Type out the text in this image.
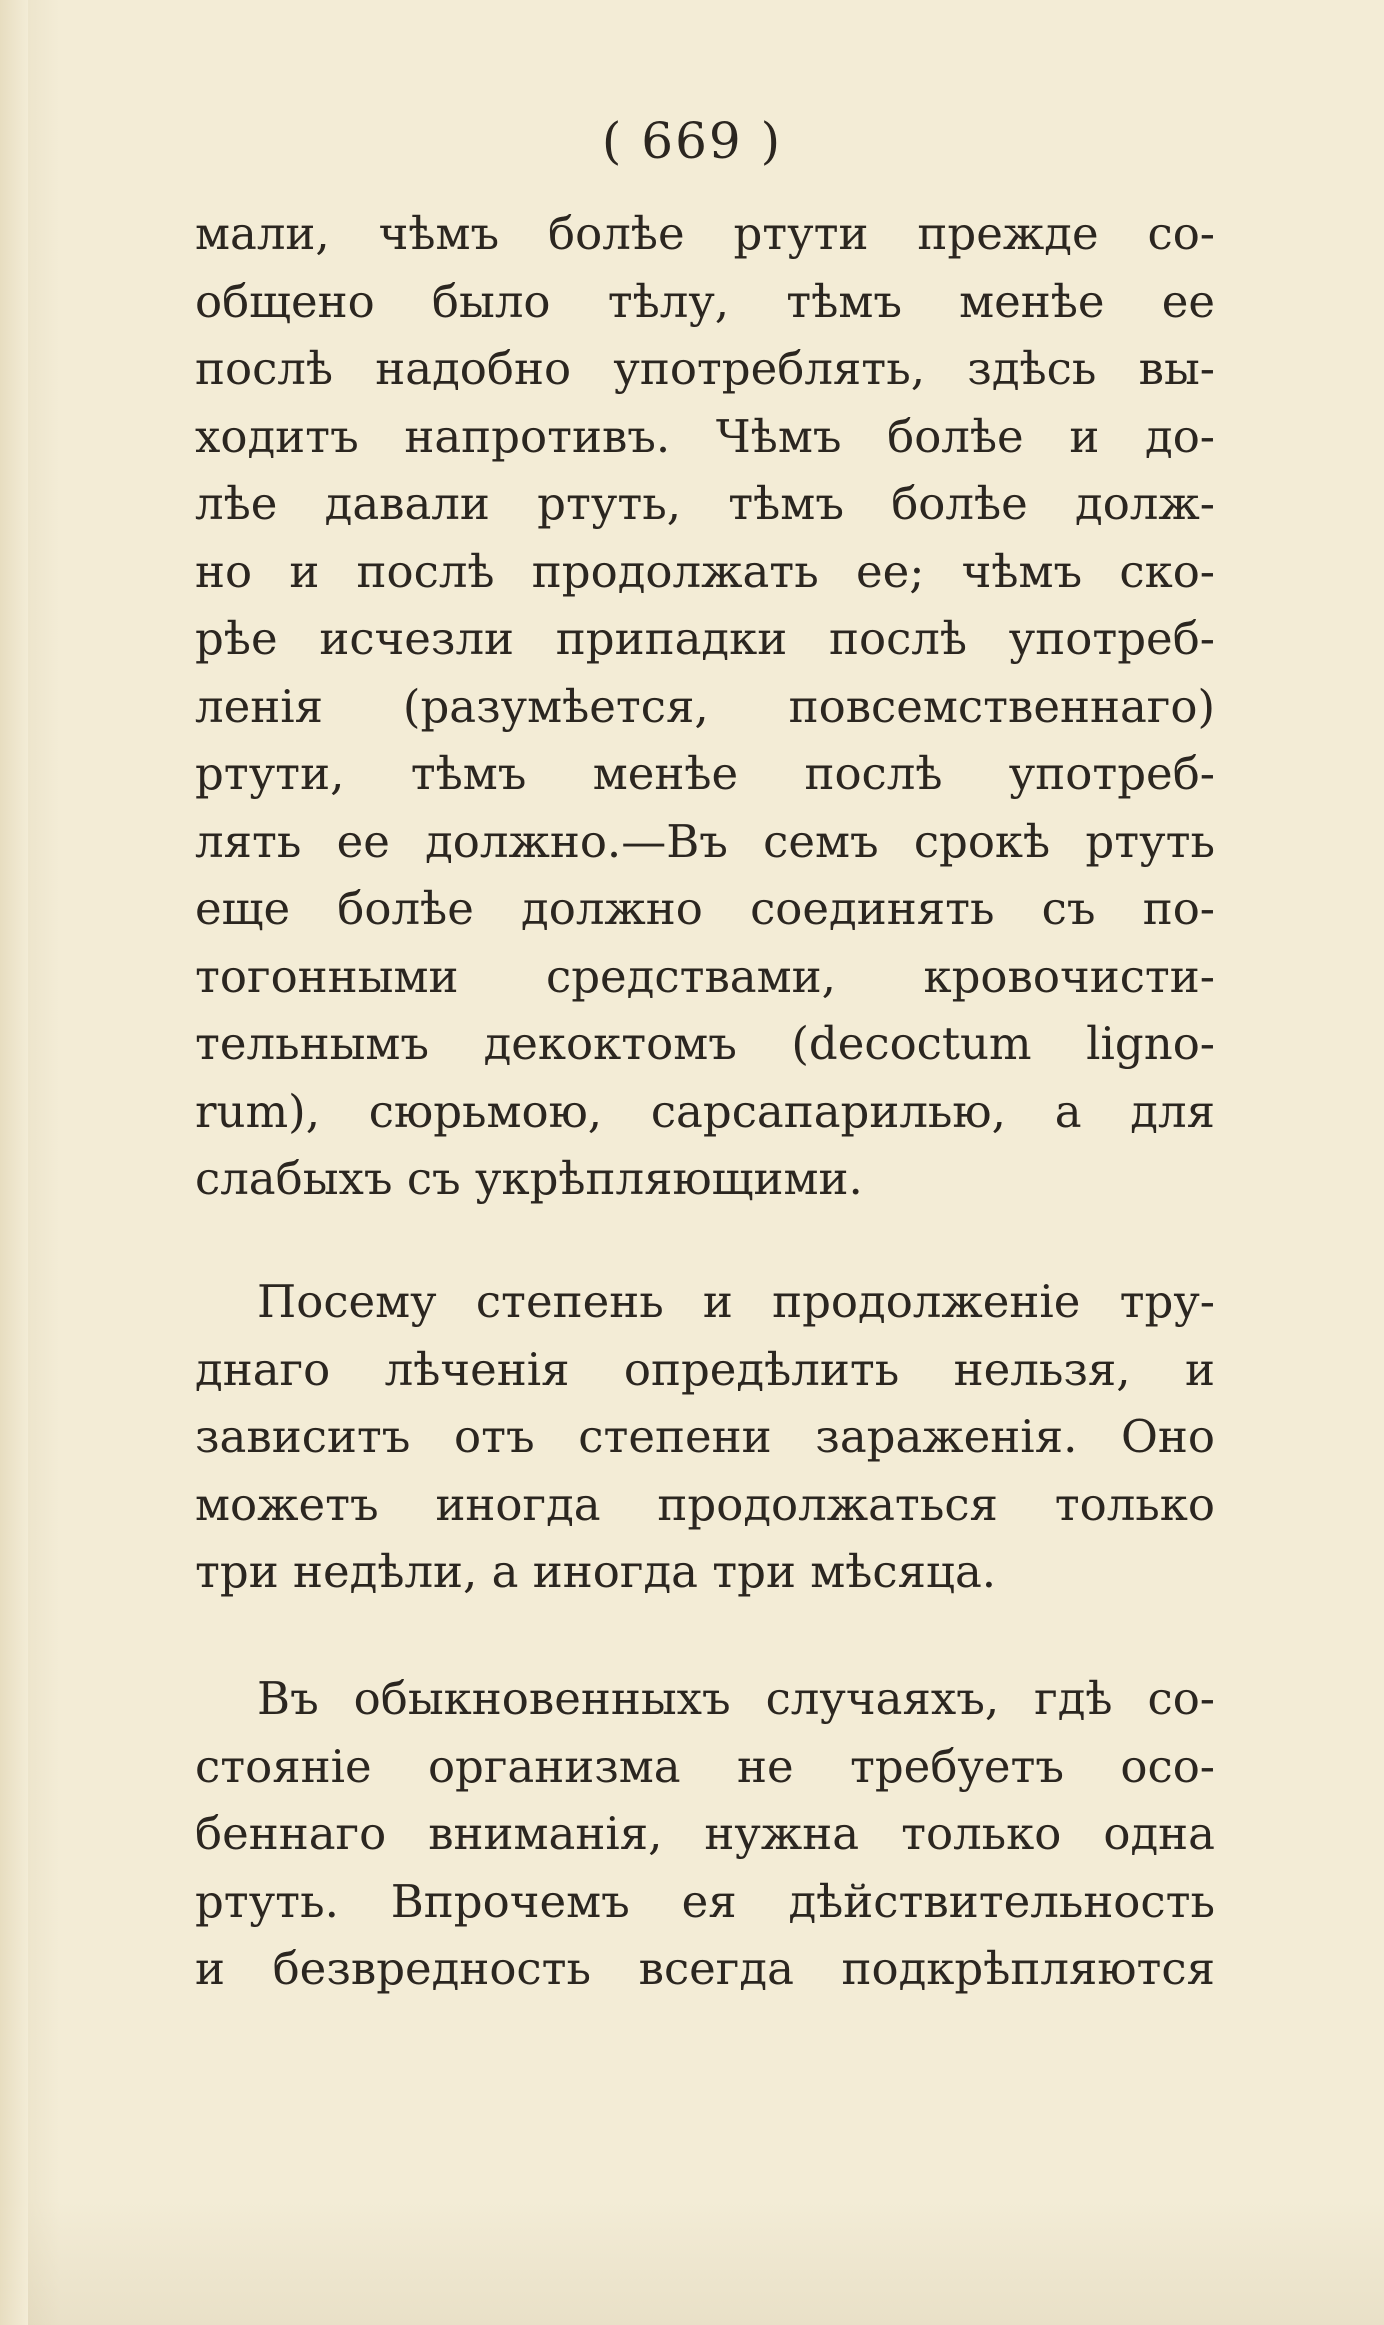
( 669 )
мали, чѣмъ болѣе ртути прежде со-
общено было тѣлу, тѣмъ менѣе ее
послѣ надобно употреблять, здѣсь вы-
ходитъ напротивъ. Чѣмъ болѣе и до-
лѣе давали ртуть, тѣмъ болѣе долж-
но и послѣ продолжать ее; чѣмъ ско-
рѣе исчезли припадки послѣ употреб-
ленія (разумѣется, повсемственнаго)
ртути, тѣмъ менѣе послѣ употреб-
лять ее должно.—Въ семъ срокѣ ртуть
еще болѣе должно соединять съ по-
тогонными средствами, кровочисти-
тельнымъ декоктомъ (decoctum ligno-
rum), сюрьмою, сарсапарилью, а для
слабыхъ съ укрѣпляющими.
Посему степень и продолженіе тру-
днаго лѣченія опредѣлить нельзя, и
зависитъ отъ степени зараженія. Оно
можетъ иногда продолжаться только
три недѣли, а иногда три мѣсяца.
Въ обыкновенныхъ случаяхъ, гдѣ со-
стояніе организма не требуетъ осо-
беннаго вниманія, нужна только одна
ртуть. Впрочемъ ея дѣйствительность
и безвредность всегда подкрѣпляются
